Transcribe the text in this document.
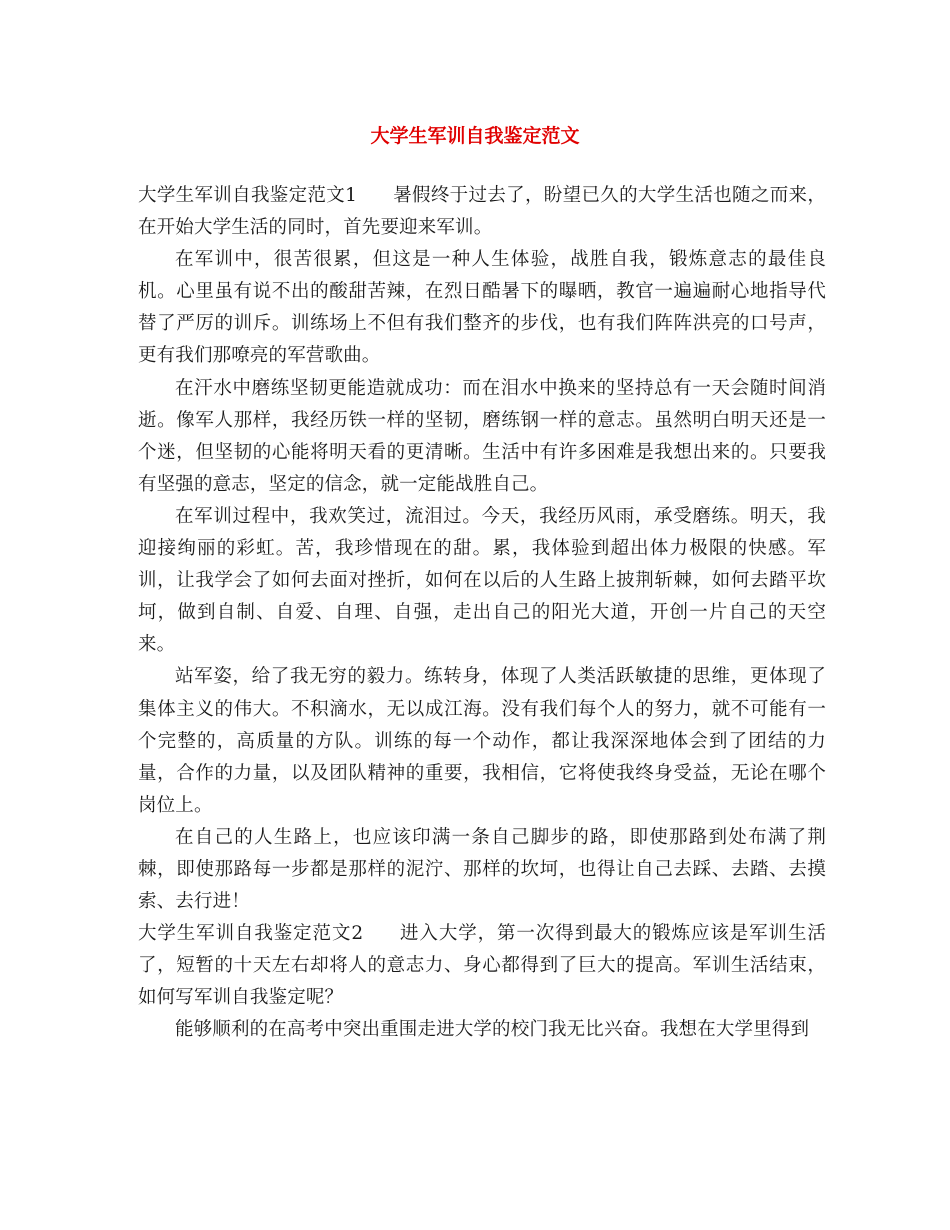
大学生军训自我鉴定范文

大学生军训自我鉴定范文1 暑假终于过去了，盼望已久的大学生活也随之而来，在开始大学生活的同时，首先要迎来军训。

在军训中，很苦很累，但这是一种人生体验，战胜自我，锻炼意志的最佳良机。心里虽有说不出的酸甜苦辣，在烈日酷暑下的曝晒，教官一遍遍耐心地指导代替了严厉的训斥。训练场上不但有我们整齐的步伐，也有我们阵阵洪亮的口号声，更有我们那嘹亮的军营歌曲。

在汗水中磨练坚韧更能造就成功：而在泪水中换来的坚持总有一天会随时间消逝。像军人那样，我经历铁一样的坚韧，磨练钢一样的意志。虽然明白明天还是一个迷，但坚韧的心能将明天看的更清晰。生活中有许多困难是我想出来的。只要我有坚强的意志，坚定的信念，就一定能战胜自己。

在军训过程中，我欢笑过，流泪过。今天，我经历风雨，承受磨练。明天，我迎接绚丽的彩虹。苦，我珍惜现在的甜。累，我体验到超出体力极限的快感。军训，让我学会了如何去面对挫折，如何在以后的人生路上披荆斩棘，如何去踏平坎坷，做到自制、自爱、自理、自强，走出自己的阳光大道，开创一片自己的天空来。

站军姿，给了我无穷的毅力。练转身，体现了人类活跃敏捷的思维，更体现了集体主义的伟大。不积滴水，无以成江海。没有我们每个人的努力，就不可能有一个完整的，高质量的方队。训练的每一个动作，都让我深深地体会到了团结的力量，合作的力量，以及团队精神的重要，我相信，它将使我终身受益，无论在哪个岗位上。

在自己的人生路上，也应该印满一条自己脚步的路，即使那路到处布满了荆棘，即使那路每一步都是那样的泥泞、那样的坎坷，也得让自己去踩、去踏、去摸索、去行进！

大学生军训自我鉴定范文2 进入大学，第一次得到最大的锻炼应该是军训生活了，短暂的十天左右却将人的意志力、身心都得到了巨大的提高。军训生活结束，如何写军训自我鉴定呢？

能够顺利的在高考中突出重围走进大学的校门我无比兴奋。我想在大学里得到
